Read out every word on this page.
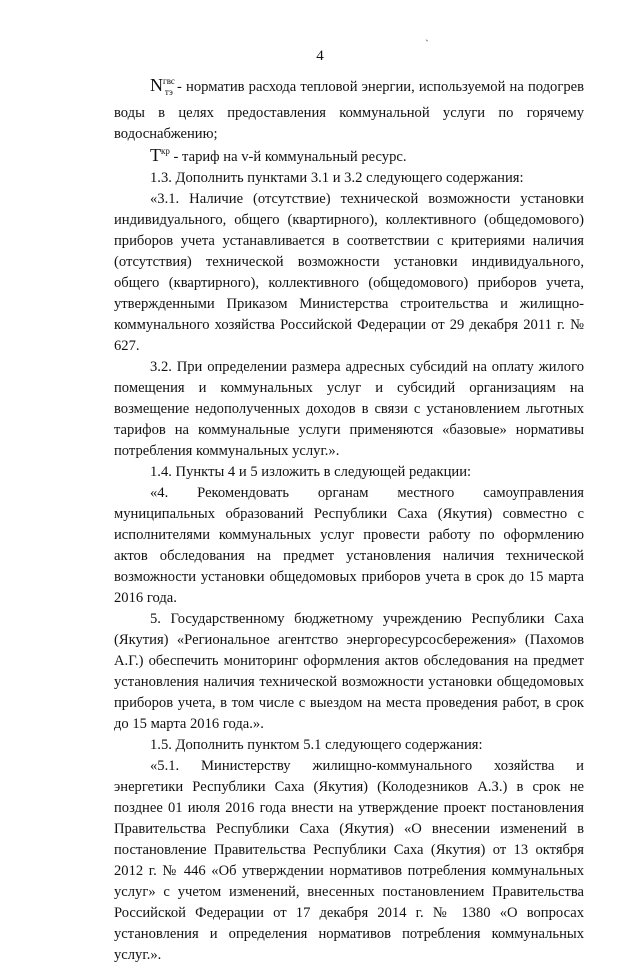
ˎ
4

$N^{гвс}_{тэ}$ - норматив расхода тепловой энергии, используемой на подогрев воды в целях предоставления коммунальной услуги по горячему водоснабжению;

$T^{кр}$ - тариф на v-й коммунальный ресурс.

1.3. Дополнить пунктами 3.1 и 3.2 следующего содержания:

«3.1. Наличие (отсутствие) технической возможности установки индивидуального, общего (квартирного), коллективного (общедомового) приборов учета устанавливается в соответствии с критериями наличия (отсутствия) технической возможности установки индивидуального, общего (квартирного), коллективного (общедомового) приборов учета, утвержденными Приказом Министерства строительства и жилищно-коммунального хозяйства Российской Федерации от 29 декабря 2011 г. № 627.

3.2. При определении размера адресных субсидий на оплату жилого помещения и коммунальных услуг и субсидий организациям на возмещение недополученных доходов в связи с установлением льготных тарифов на коммунальные услуги применяются «базовые» нормативы потребления коммунальных услуг.».

1.4. Пункты 4 и 5 изложить в следующей редакции:

«4. Рекомендовать органам местного самоуправления муниципальных образований Республики Саха (Якутия) совместно с исполнителями коммунальных услуг провести работу по оформлению актов обследования на предмет установления наличия технической возможности установки общедомовых приборов учета в срок до 15 марта 2016 года.

5. Государственному бюджетному учреждению Республики Саха (Якутия) «Региональное агентство энергоресурсосбережения» (Пахомов А.Г.) обеспечить мониторинг оформления актов обследования на предмет установления наличия технической возможности установки общедомовых приборов учета, в том числе с выездом на места проведения работ, в срок до 15 марта 2016 года.».

1.5. Дополнить пунктом 5.1 следующего содержания:

«5.1. Министерству жилищно-коммунального хозяйства и энергетики Республики Саха (Якутия) (Колодезников А.З.) в срок не позднее 01 июля 2016 года внести на утверждение проект постановления Правительства Республики Саха (Якутия) «О внесении изменений в постановление Правительства Республики Саха (Якутия) от 13 октября 2012 г. № 446 «Об утверждении нормативов потребления коммунальных услуг» с учетом изменений, внесенных постановлением Правительства Российской Федерации от 17 декабря 2014 г. № 1380 «О вопросах установления и определения нормативов потребления коммунальных услуг.».
